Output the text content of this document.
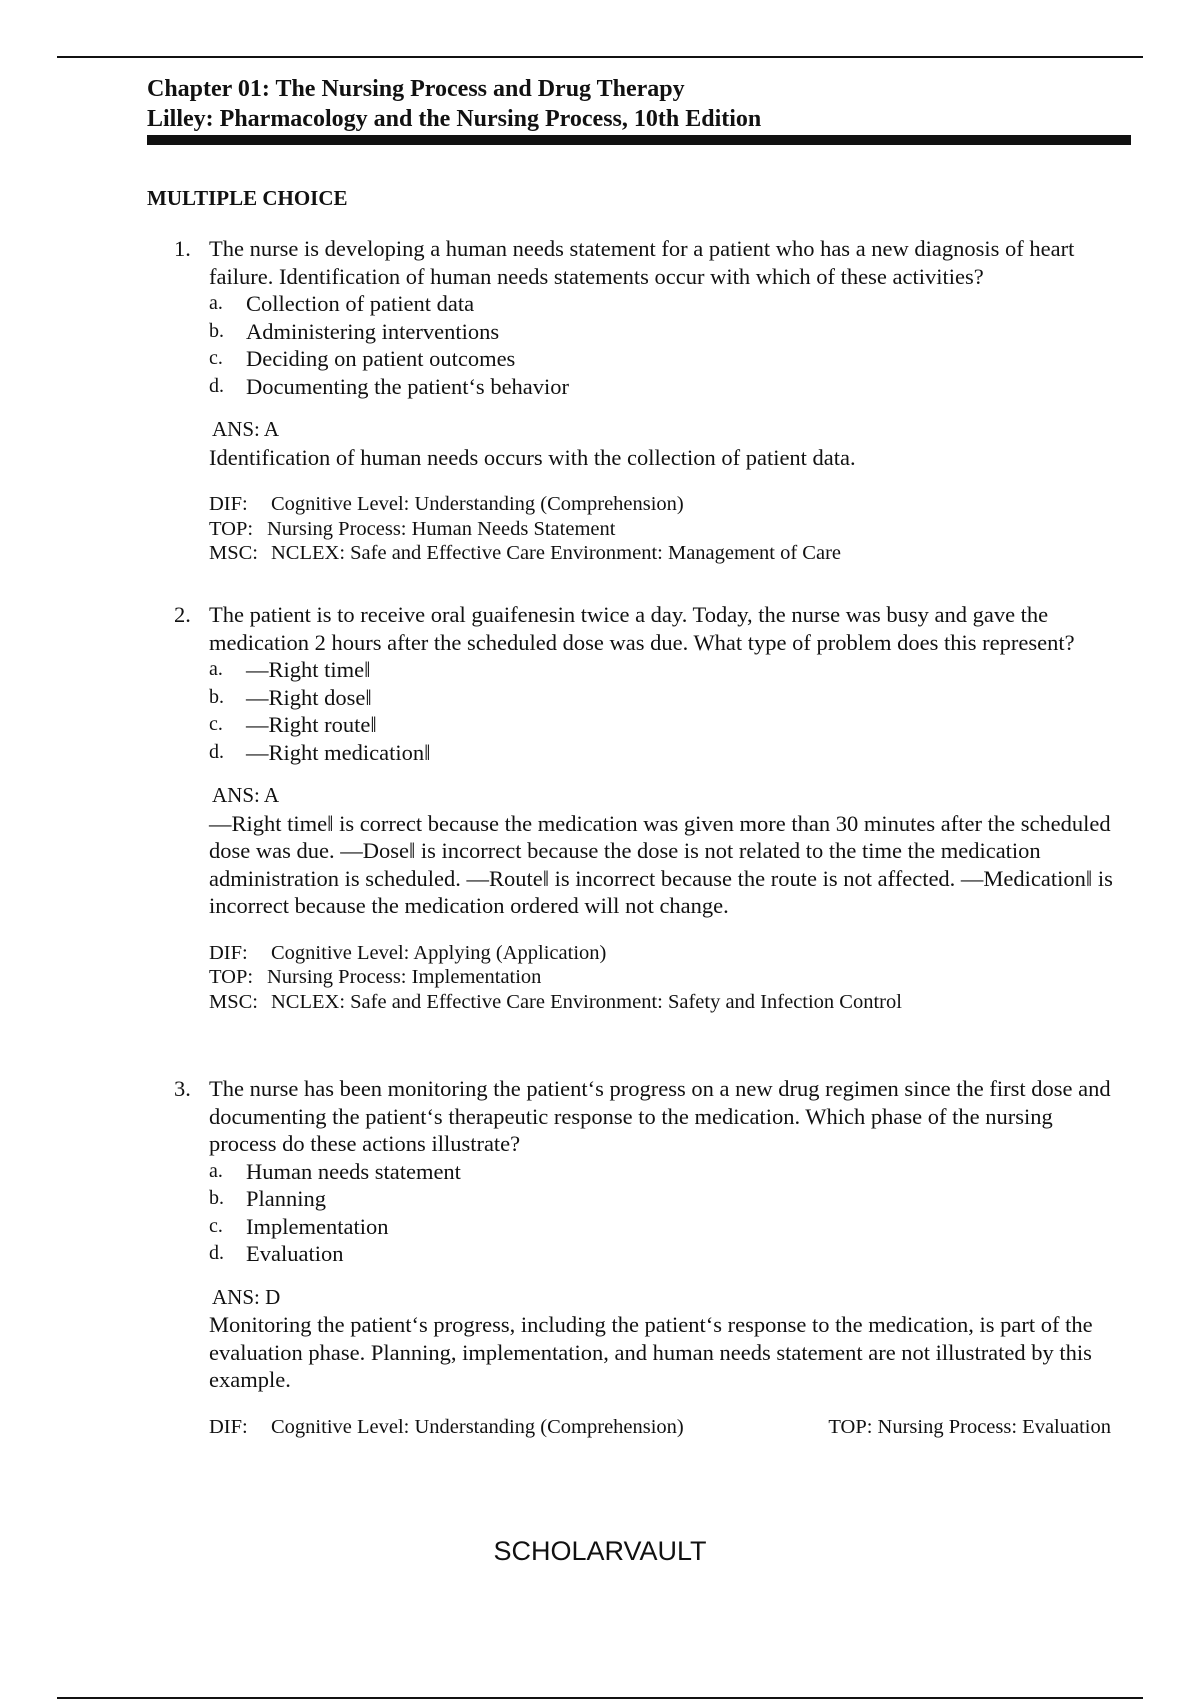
Chapter 01: The Nursing Process and Drug Therapy
Lilley: Pharmacology and the Nursing Process, 10th Edition
MULTIPLE CHOICE
1. The nurse is developing a human needs statement for a patient who has a new diagnosis of heart failure. Identification of human needs statements occur with which of these activities?
a. Collection of patient data
b. Administering interventions
c. Deciding on patient outcomes
d. Documenting the patient‘s behavior
ANS: A
Identification of human needs occurs with the collection of patient data.
DIF: Cognitive Level: Understanding (Comprehension)
TOP: Nursing Process: Human Needs Statement
MSC: NCLEX: Safe and Effective Care Environment: Management of Care
2. The patient is to receive oral guaifenesin twice a day. Today, the nurse was busy and gave the medication 2 hours after the scheduled dose was due. What type of problem does this represent?
a. ―Right time‖
b. ―Right dose‖
c. ―Right route‖
d. ―Right medication‖
ANS: A
―Right time‖ is correct because the medication was given more than 30 minutes after the scheduled dose was due. ―Dose‖ is incorrect because the dose is not related to the time the medication administration is scheduled. ―Route‖ is incorrect because the route is not affected. ―Medication‖ is incorrect because the medication ordered will not change.
DIF: Cognitive Level: Applying (Application)
TOP: Nursing Process: Implementation
MSC: NCLEX: Safe and Effective Care Environment: Safety and Infection Control
3. The nurse has been monitoring the patient‘s progress on a new drug regimen since the first dose and documenting the patient‘s therapeutic response to the medication. Which phase of the nursing process do these actions illustrate?
a. Human needs statement
b. Planning
c. Implementation
d. Evaluation
ANS: D
Monitoring the patient‘s progress, including the patient‘s response to the medication, is part of the evaluation phase. Planning, implementation, and human needs statement are not illustrated by this example.
DIF: Cognitive Level: Understanding (Comprehension)	TOP: Nursing Process: Evaluation
SCHOLARVAULT
